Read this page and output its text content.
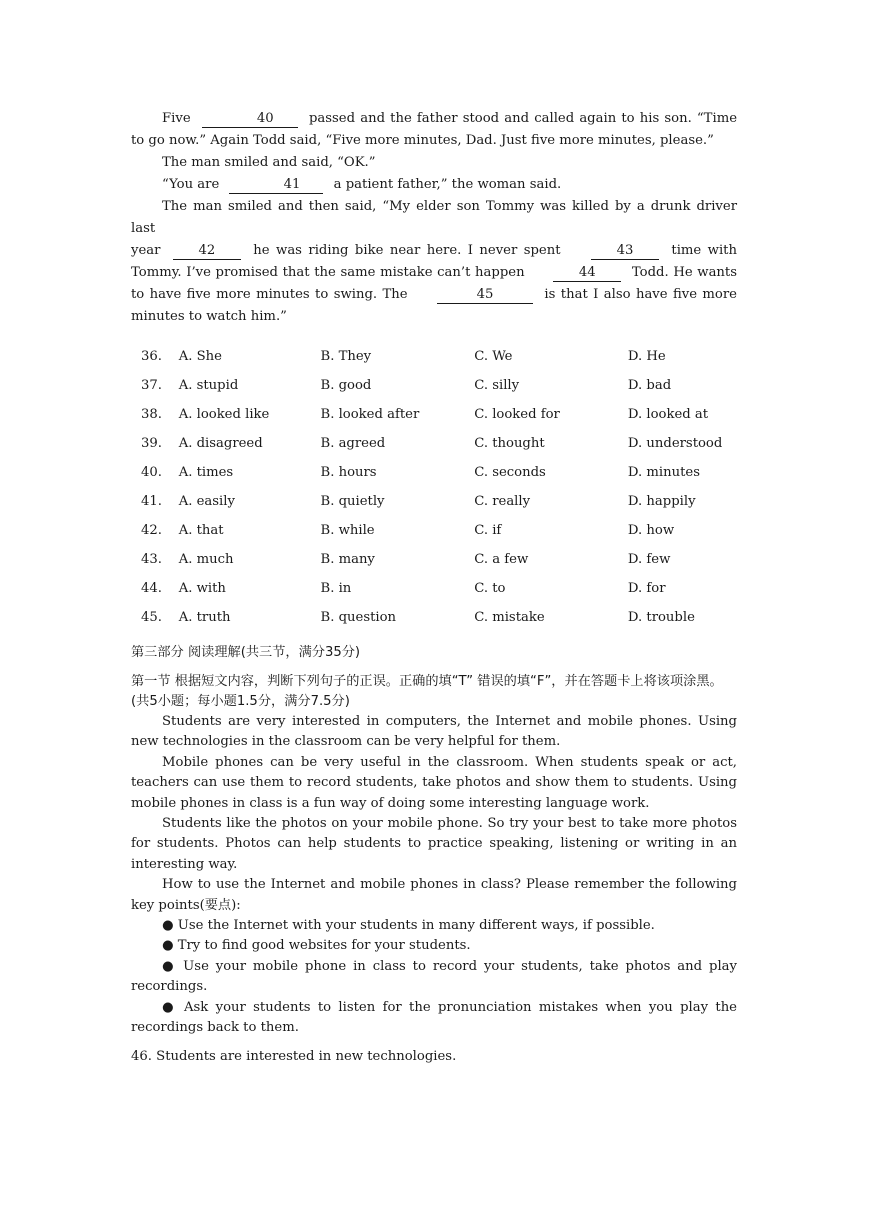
Five	40	passed and the father stood and called again to his son. “Time to go now.” Again Todd said, “Five more minutes, Dad. Just five more minutes, please.”
The man smiled and said, “OK.”
“You are	41	a patient father,” the woman said.
The man smiled and then said, “My elder son Tommy was killed by a drunk driver last
year	42	he was riding bike near here. I never spent	43	time with Tommy. I’ve promised that the same mistake can’t happen	44	Todd. He wants to have five more minutes to swing. The	45	is that I also have five more minutes to watch him.”
36.	A. She	B. They	C. We	D. He
37.	A. stupid	B. good	C. silly	D. bad
38.	A. looked like	B. looked after	C. looked for	D. looked at
39.	A. disagreed	B. agreed	C. thought	D. understood
40.	A. times	B. hours	C. seconds	D. minutes
41.	A. easily	B. quietly	C. really	D. happily
42.	A. that	B. while	C. if	D. how
43.	A. much	B. many	C. a few	D. few
44.	A. with	B. in	C. to	D. for
45.	A. truth	B. question	C. mistake	D. trouble
第三部分 阅读理解(共三节，满分35分)
第一节 根据短文内容，判断下列句子的正误。正确的填“T” 错误的填“F”，并在答题卡上将该项涂黑。(共5小题；每小题1.5分，满分7.5分)
Students are very interested in computers, the Internet and mobile phones. Using new technologies in the classroom can be very helpful for them.
Mobile phones can be very useful in the classroom. When students speak or act, teachers can use them to record students, take photos and show them to students. Using mobile phones in class is a fun way of doing some interesting language work.
Students like the photos on your mobile phone. So try your best to take more photos for students. Photos can help students to practice speaking, listening or writing in an interesting way.
How to use the Internet and mobile phones in class? Please remember the following key points(要点):
● Use the Internet with your students in many different ways, if possible.
● Try to find good websites for your students.
● Use your mobile phone in class to record your students, take photos and play recordings.
● Ask your students to listen for the pronunciation mistakes when you play the recordings back to them.
46. Students are interested in new technologies.
